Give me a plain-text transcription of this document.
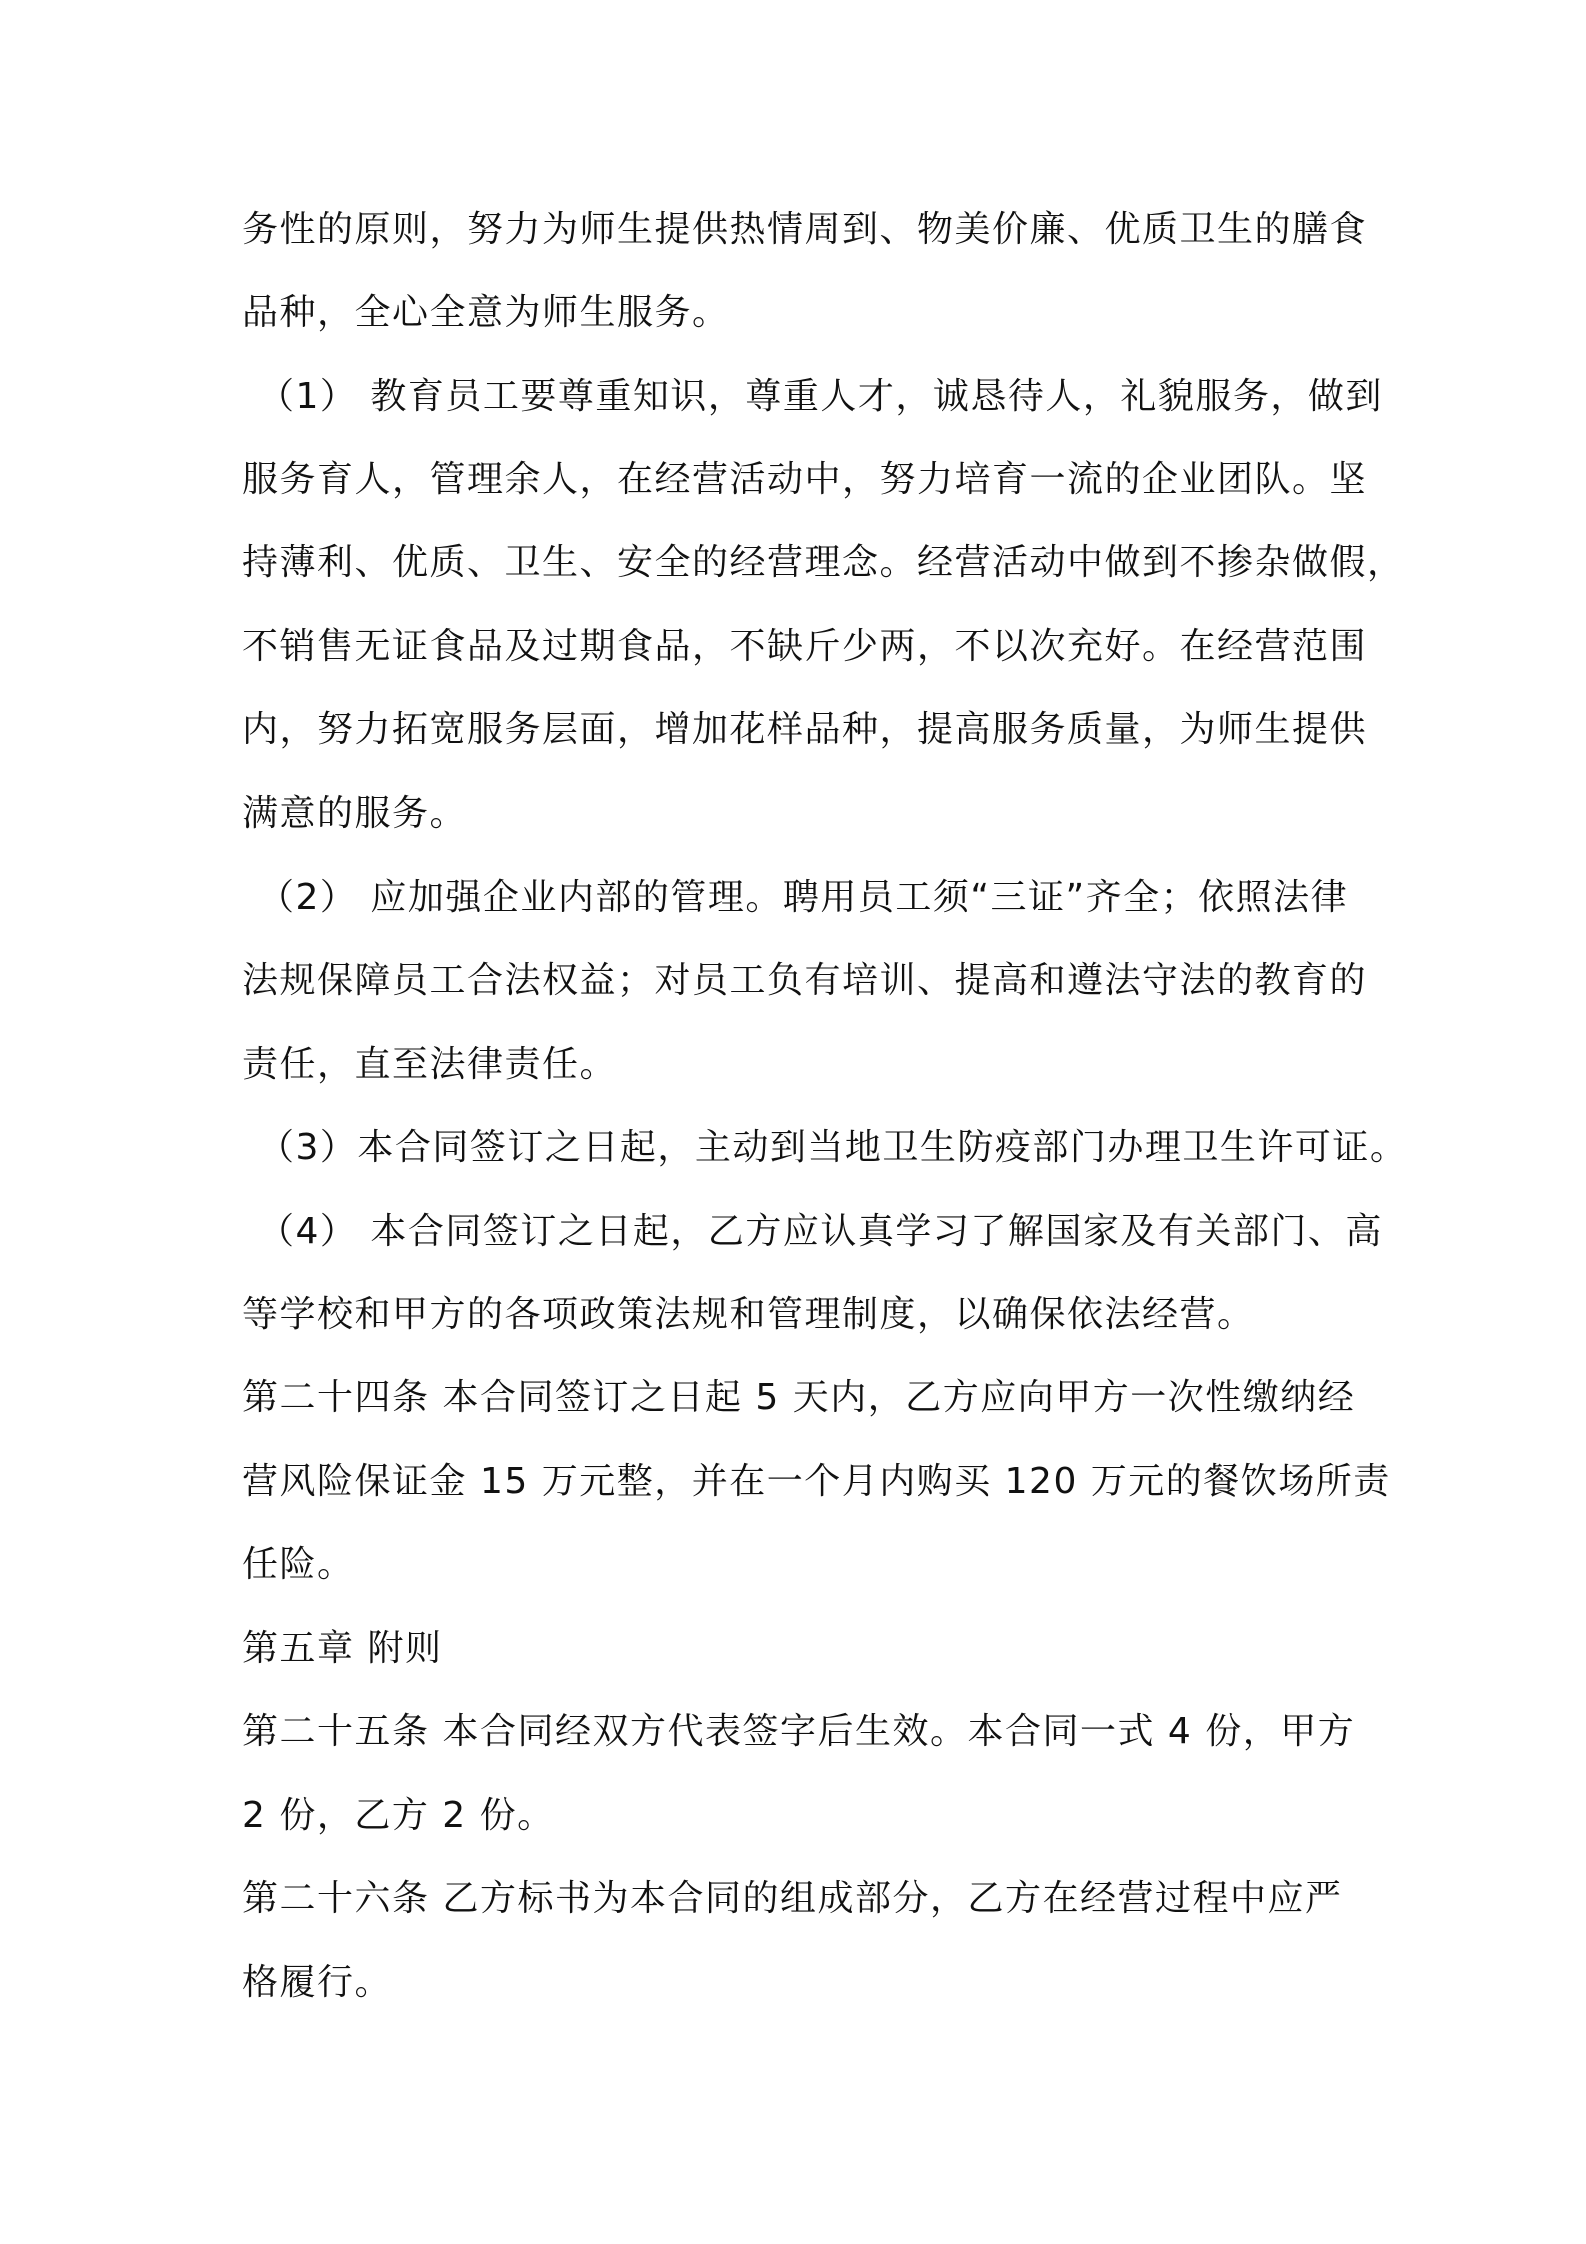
务性的原则，努力为师生提供热情周到、物美价廉、优质卫生的膳食
品种，全心全意为师生服务。
（1） 教育员工要尊重知识，尊重人才，诚恳待人，礼貌服务，做到
服务育人，管理余人，在经营活动中，努力培育一流的企业团队。坚
持薄利、优质、卫生、安全的经营理念。经营活动中做到不掺杂做假，
不销售无证食品及过期食品，不缺斤少两，不以次充好。在经营范围
内，努力拓宽服务层面，增加花样品种，提高服务质量，为师生提供
满意的服务。
（2） 应加强企业内部的管理。聘用员工须“三证”齐全；依照法律
法规保障员工合法权益；对员工负有培训、提高和遵法守法的教育的
责任，直至法律责任。
（3）本合同签订之日起，主动到当地卫生防疫部门办理卫生许可证。
（4） 本合同签订之日起，乙方应认真学习了解国家及有关部门、高
等学校和甲方的各项政策法规和管理制度，以确保依法经营。
第二十四条 本合同签订之日起 5 天内，乙方应向甲方一次性缴纳经
营风险保证金 15 万元整，并在一个月内购买 120 万元的餐饮场所责
任险。
第五章 附则
第二十五条 本合同经双方代表签字后生效。本合同一式 4 份，甲方
2 份，乙方 2 份。
第二十六条 乙方标书为本合同的组成部分，乙方在经营过程中应严
格履行。
